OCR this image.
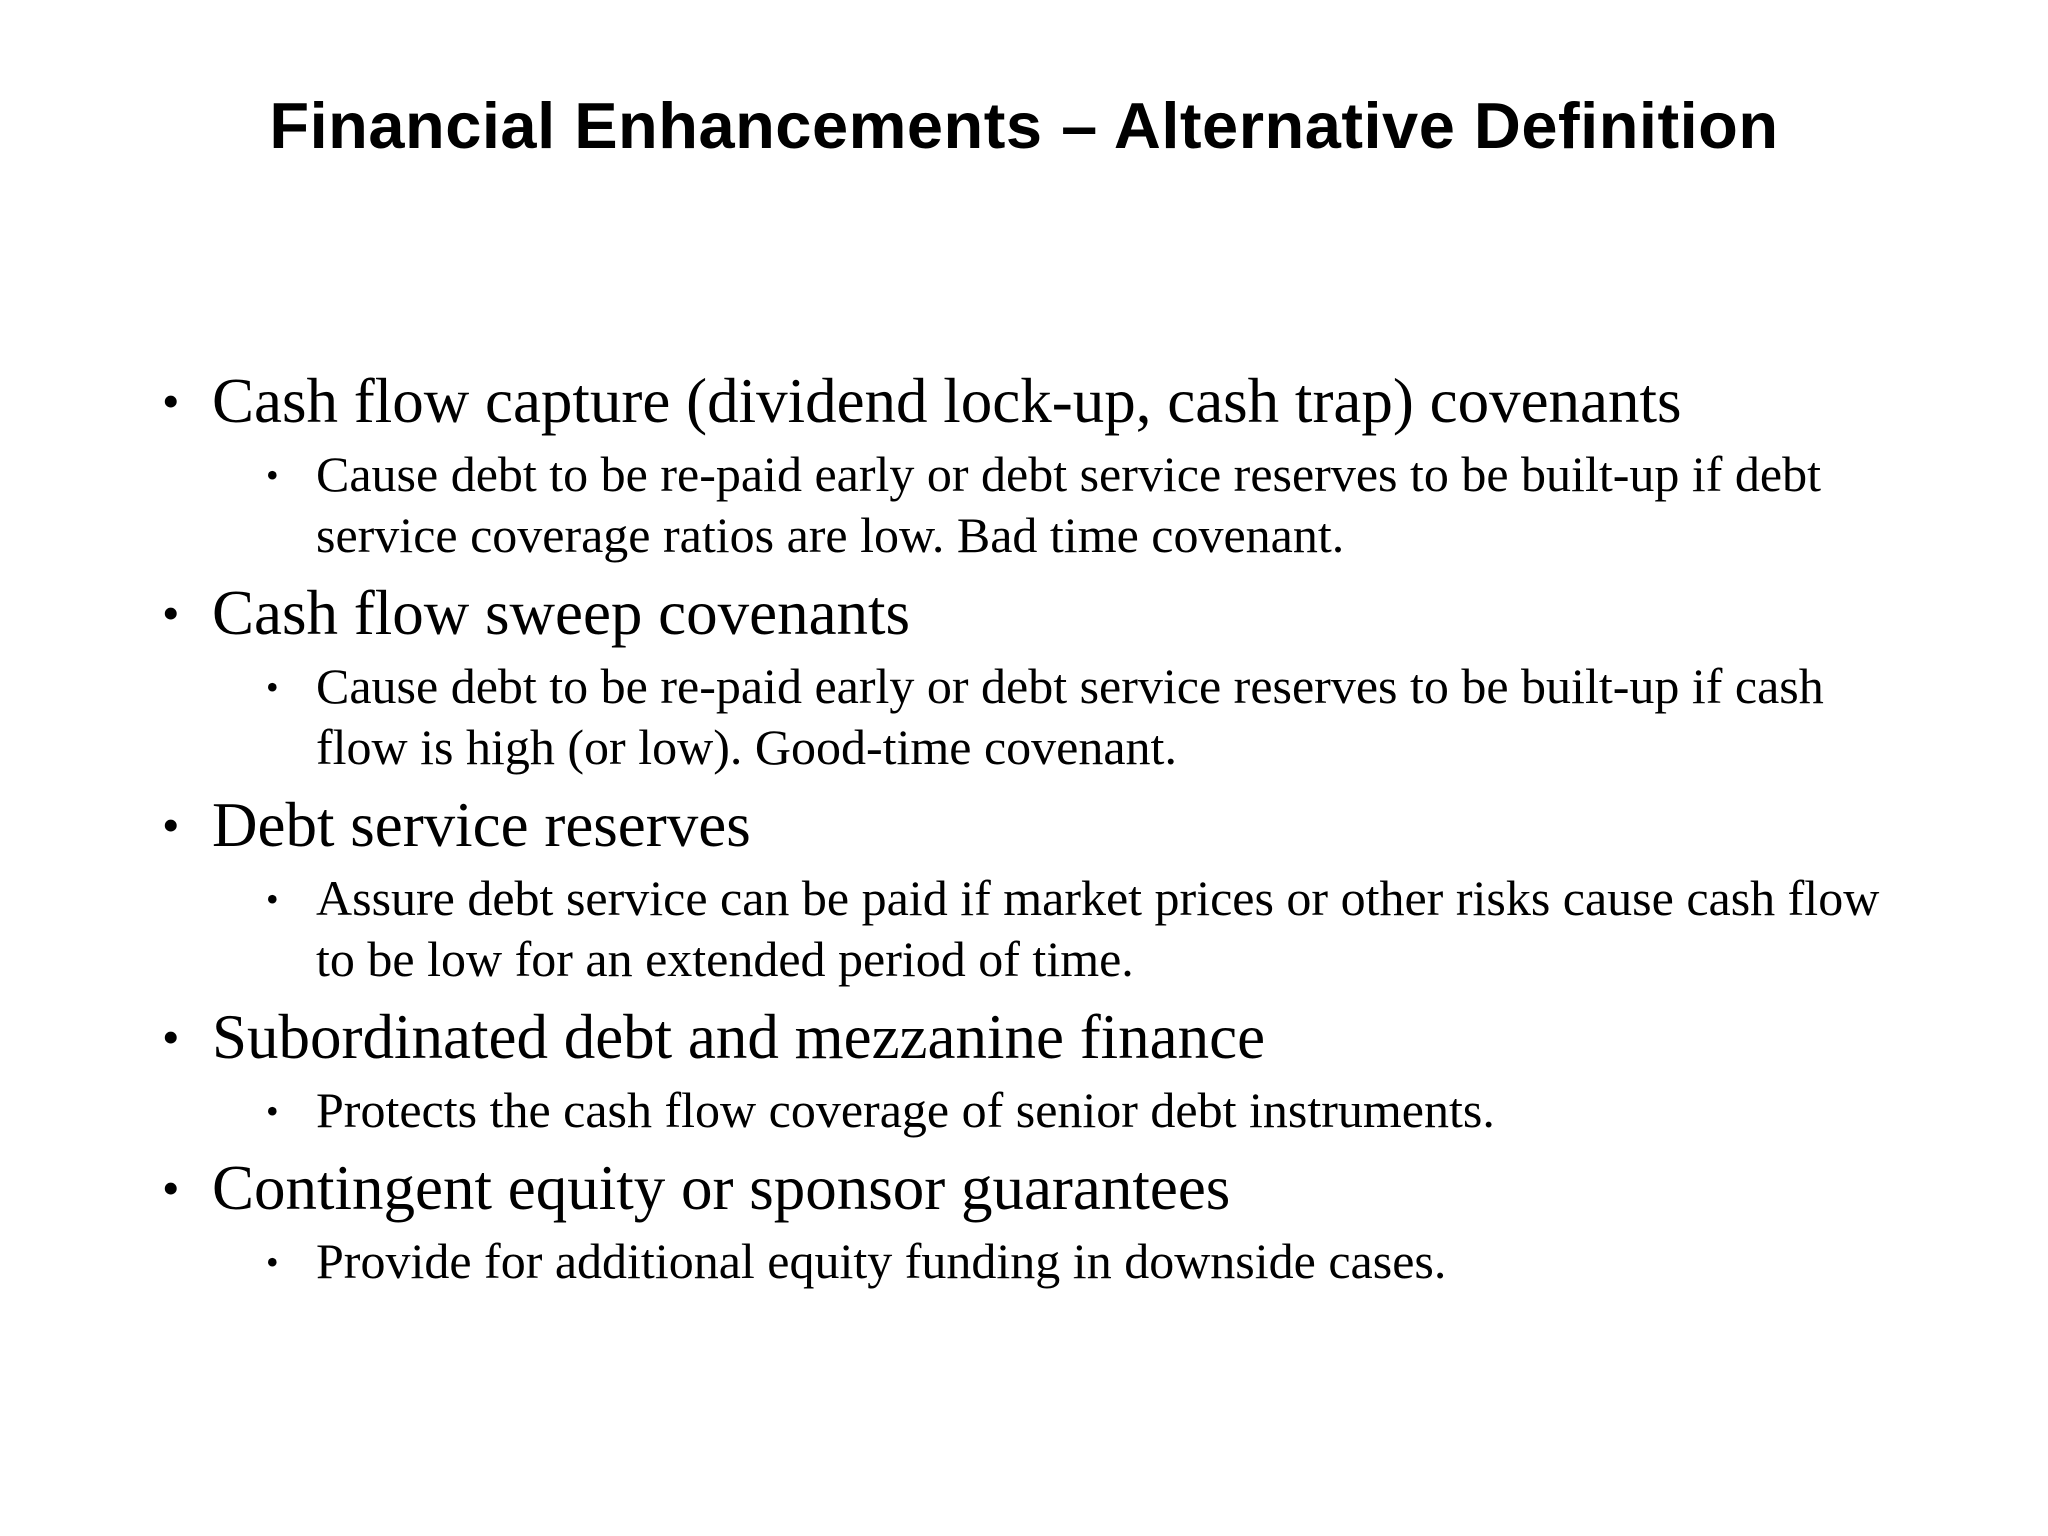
Financial Enhancements – Alternative Definition
• Cash flow capture (dividend lock-up, cash trap) covenants
• Cause debt to be re-paid early or debt service reserves to be built-up if debt service coverage ratios are low. Bad time covenant.
• Cash flow sweep covenants
• Cause debt to be re-paid early or debt service reserves to be built-up if cash flow is high (or low). Good-time covenant.
• Debt service reserves
• Assure debt service can be paid if market prices or other risks cause cash flow to be low for an extended period of time.
• Subordinated debt and mezzanine finance
• Protects the cash flow coverage of senior debt instruments.
• Contingent equity or sponsor guarantees
• Provide for additional equity funding in downside cases.
